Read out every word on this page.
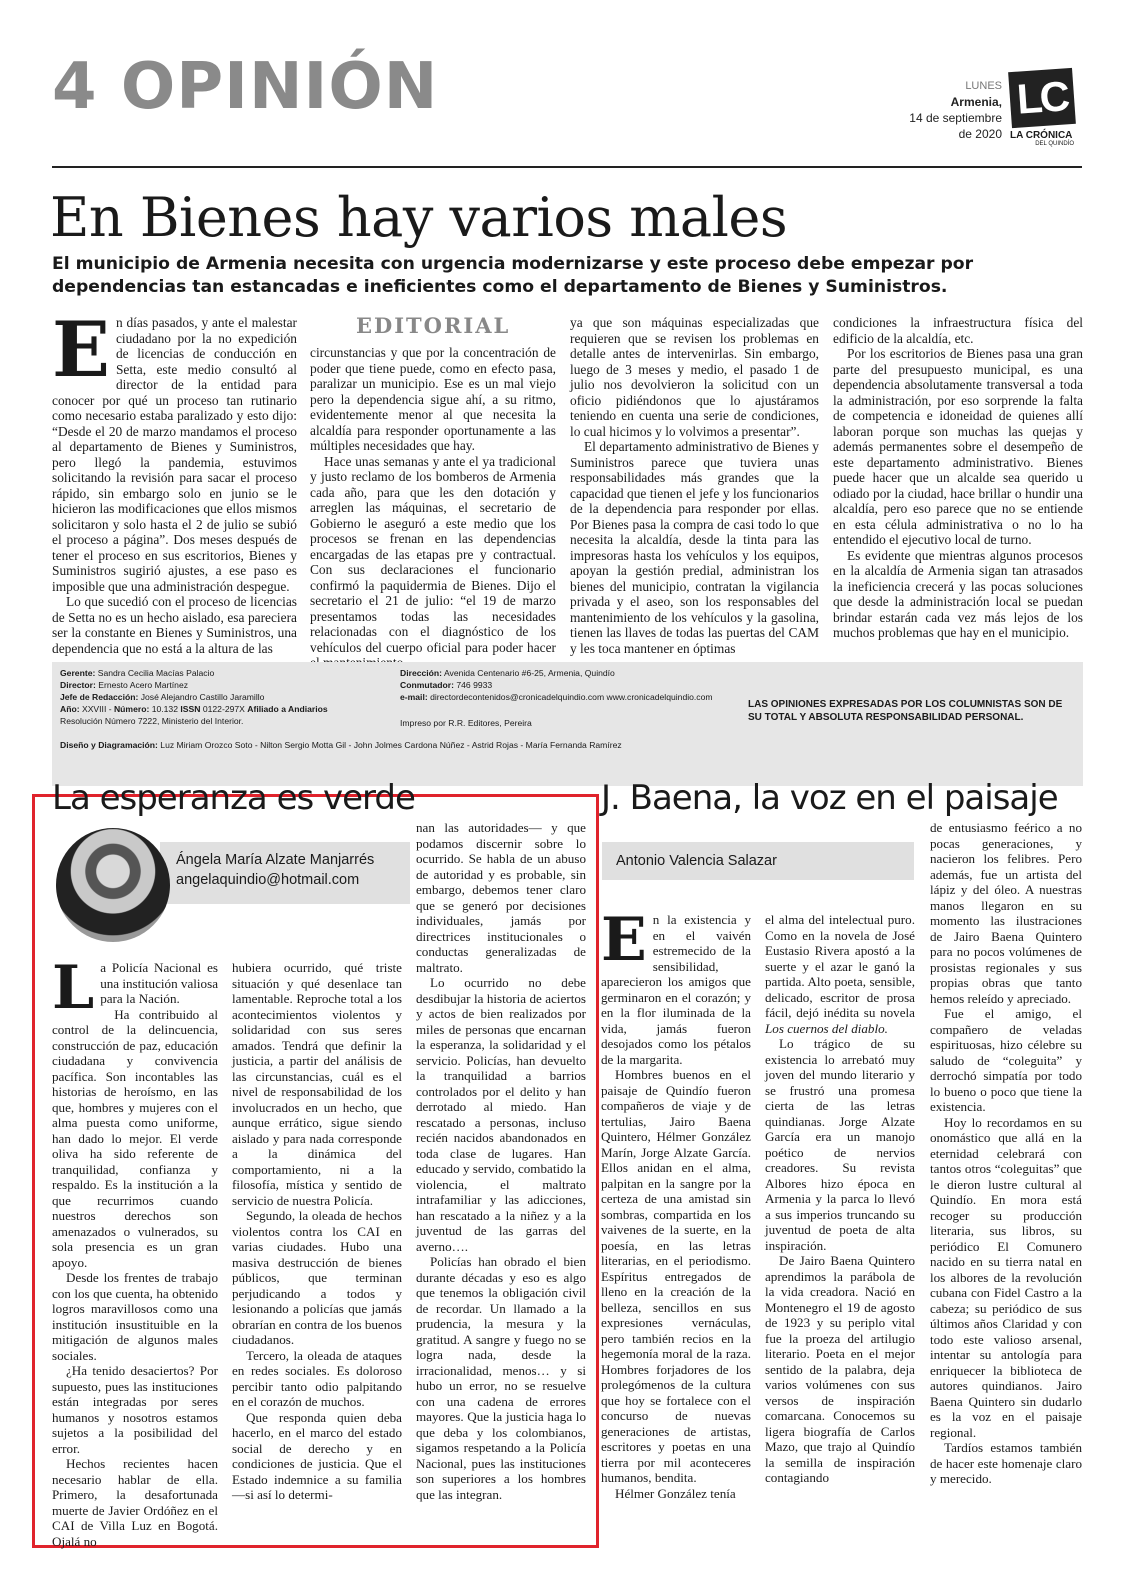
4 OPINIÓN	LUNES
Armenia,
14 de septiembre
de 2020
LC
LA CRÓNICA
DEL QUINDÍO
En Bienes hay varios males

El municipio de Armenia necesita con urgencia modernizarse y este proceso debe empezar por dependencias tan estancadas e ineficientes como el departamento de Bienes y Suministros.

EDITORIAL
E n días pasados, y ante el malestar ciudadano por la no expedición de licencias de conducción en Setta, este medio consultó al director de la entidad para conocer por qué un proceso tan rutinario como necesario estaba paralizado y esto dijo: “Desde el 20 de marzo mandamos el proceso al departamento de Bienes y Suministros, pero llegó la pandemia, estuvimos solicitando la revisión para sacar el proceso rápido, sin embargo solo en junio se le hicieron las modificaciones que ellos mismos solicitaron y solo hasta el 2 de julio se subió el proceso a página”. Dos meses después de tener el proceso en sus escritorios, Bienes y Suministros sugirió ajustes, a ese paso es imposible que una administración despegue.

Lo que sucedió con el proceso de licencias de Setta no es un hecho aislado, esa pareciera ser la constante en Bienes y Suministros, una dependencia que no está a la altura de las

circunstancias y que por la concentración de poder que tiene puede, como en efecto pasa, paralizar un municipio. Ese es un mal viejo pero la dependencia sigue ahí, a su ritmo, evidentemente menor al que necesita la alcaldía para responder oportunamente a las múltiples necesidades que hay.

Hace unas semanas y ante el ya tradicional y justo reclamo de los bomberos de Armenia cada año, para que les den dotación y arreglen las máquinas, el secretario de Gobierno le aseguró a este medio que los procesos se frenan en las dependencias encargadas de las etapas pre y contractual. Con sus declaraciones el funcionario confirmó la paquidermia de Bienes. Dijo el secretario el 21 de julio: “el 19 de marzo presentamos todas las necesidades relacionadas con el diagnóstico de los vehículos del cuerpo oficial para poder hacer

ya que son máquinas especializadas que requieren que se revisen los problemas en detalle antes de intervenirlas. Sin embargo, luego de 3 meses y medio, el pasado 1 de julio nos devolvieron la solicitud con un oficio pidiéndonos que lo ajustáramos teniendo en cuenta una serie de condiciones, lo cual hicimos y lo volvimos a presentar”.

El departamento administrativo de Bienes y Suministros parece que tuviera unas responsabilidades más grandes que la capacidad que tienen el jefe y los funcionarios de la dependencia para responder por ellas. Por Bienes pasa la compra de casi todo lo que necesita la alcaldía, desde la tinta para las impresoras hasta los vehículos y los equipos, apoyan la gestión predial, administran los bienes del municipio, contratan la vigilancia privada y el aseo, son los responsables del mantenimiento de los vehículos y la gasolina, tienen las llaves de todas las puertas del CAM y les toca mantener en óptimas

condiciones la infraestructura física del edificio de la alcaldía, etc.

Por los escritorios de Bienes pasa una gran parte del presupuesto municipal, es una dependencia absolutamente transversal a toda la administración, por eso sorprende la falta de competencia e idoneidad de quienes allí laboran porque son muchas las quejas y además permanentes sobre el desempeño de este departamento administrativo. Bienes puede hacer que un alcalde sea querido u odiado por la ciudad, hace brillar o hundir una alcaldía, pero eso parece que no se entiende en esta célula administrativa o no lo ha entendido el ejecutivo local de turno.

Es evidente que mientras algunos procesos en la alcaldía de Armenia sigan tan atrasados la ineficiencia crecerá y las pocas soluciones que desde la administración local se puedan brindar estarán cada vez más lejos de los muchos problemas que hay en el municipio.

Gerente: Sandra Cecilia Macías Palacio
Director: Ernesto Acero Martínez
Jefe de Redacción: José Alejandro Castillo Jaramillo
Año: XXVIII - Número: 10.132 ISSN 0122-297X Afiliado a Andiarios
Resolución Número 7222, Ministerio del Interior.
Diseño y Diagramación: Luz Miriam Orozco Soto - Nilton Sergio Motta Gil - John Jolmes Cardona Núñez - Astrid Rojas - María Fernanda Ramírez
Dirección: Avenida Centenario #6-25, Armenia, Quindío
Conmutador: 746 9933
e-mail: directordecontenidos@cronicadelquindio.com www.cronicadelquindio.com
Impreso por R.R. Editores, Pereira
LAS OPINIONES EXPRESADAS POR LOS COLUMNISTAS SON DE SU TOTAL Y ABSOLUTA RESPONSABILIDAD PERSONAL.
La esperanza es verde
Ángela María Alzate Manjarrés
angelaquindio@hotmail.com
L a Policía Nacional es una institución valiosa para la Nación.

Ha contribuido al control de la delincuencia, construcción de paz, educación ciudadana y convivencia pacífica. Son incontables las historias de heroísmo, en las que, hombres y mujeres con el alma puesta como uniforme, han dado lo mejor. El verde oliva ha sido referente de tranquilidad, confianza y respaldo. Es la institución a la que recurrimos cuando nuestros derechos son amenazados o vulnerados, su sola presencia es un gran apoyo.

Desde los frentes de trabajo con los que cuenta, ha obtenido logros maravillosos como una institución insustituible en la mitigación de algunos males sociales.

¿Ha tenido desaciertos? Por supuesto, pues las instituciones están integradas por seres humanos y nosotros estamos sujetos a la posibilidad del error.

Hechos recientes hacen necesario hablar de ella. Primero, la desafortunada muerte de Javier Ordóñez en el CAI de Villa Luz en Bogotá. Ojalá no

hubiera ocurrido, qué triste situación y qué desenlace tan lamentable. Reproche total a los acontecimientos violentos y solidaridad con sus seres amados. Tendrá que definir la justicia, a partir del análisis de las circunstancias, cuál es el nivel de responsabilidad de los involucrados en un hecho, que aunque errático, sigue siendo aislado y para nada corresponde a la dinámica del comportamiento, ni a la filosofía, mística y sentido de servicio de nuestra Policía.

Segundo, la oleada de hechos violentos contra los CAI en varias ciudades. Hubo una masiva destrucción de bienes públicos, que terminan perjudicando a todos y lesionando a policías que jamás obrarían en contra de los buenos ciudadanos.

Tercero, la oleada de ataques en redes sociales. Es doloroso percibir tanto odio palpitando en el corazón de muchos.

Que responda quien deba hacerlo, en el marco del estado social de derecho y en condiciones de justicia. Que el Estado indemnice a su familia —si así lo determi-

nan las autoridades— y que podamos discernir sobre lo ocurrido. Se habla de un abuso de autoridad y es probable, sin embargo, debemos tener claro que se generó por decisiones individuales, jamás por directrices institucionales o conductas generalizadas de maltrato.

Lo ocurrido no debe desdibujar la historia de aciertos y actos de bien realizados por miles de personas que encarnan la esperanza, la solidaridad y el servicio. Policías, han devuelto la tranquilidad a barrios controlados por el delito y han derrotado al miedo. Han rescatado a personas, incluso recién nacidos abandonados en toda clase de lugares. Han educado y servido, combatido la violencia, el maltrato intrafamiliar y las adicciones, han rescatado a la niñez y a la juventud de las garras del averno….

Policías han obrado el bien durante décadas y eso es algo que tenemos la obligación civil de recordar. Un llamado a la prudencia, la mesura y la gratitud. A sangre y fuego no se logra nada, desde la irracionalidad, menos… y si hubo un error, no se resuelve con una cadena de errores mayores. Que la justicia haga lo que deba y los colombianos, sigamos respetando a la Policía Nacional, pues las instituciones son superiores a los hombres que las integran.

J. Baena, la voz en el paisaje
Antonio Valencia Salazar
E n la existencia y en el vaivén estremecido de la sensibilidad, aparecieron los amigos que germinaron en el corazón; y en la flor iluminada de la vida, jamás fueron desojados como los pétalos de la margarita.

Hombres buenos en el paisaje de Quindío fueron compañeros de viaje y de tertulias, Jairo Baena Quintero, Hélmer González Marín, Jorge Alzate García. Ellos anidan en el alma, palpitan en la sangre por la certeza de una amistad sin sombras, compartida en los vaivenes de la suerte, en la poesía, en las letras literarias, en el periodismo. Espíritus entregados de lleno en la creación de la belleza, sencillos en sus expresiones vernáculas, pero también recios en la hegemonía moral de la raza. Hombres forjadores de los prolegómenos de la cultura que hoy se fortalece con el concurso de nuevas generaciones de artistas, escritores y poetas en una tierra por mil aconteceres humanos, bendita.

Hélmer González tenía

el alma del intelectual puro. Como en la novela de José Eustasio Rivera apostó a la suerte y el azar le ganó la partida. Alto poeta, sensible, delicado, escritor de prosa fácil, dejó inédita su novela Los cuernos del diablo.

Lo trágico de su existencia lo arrebató muy joven del mundo literario y se frustró una promesa cierta de las letras quindianas. Jorge Alzate García era un manojo poético de nervios creadores. Su revista Albores hizo época en Armenia y la parca lo llevó a sus imperios truncando su juventud de poeta de alta inspiración.

De Jairo Baena Quintero aprendimos la parábola de la vida creadora. Nació en Montenegro el 19 de agosto de 1923 y su periplo vital fue la proeza del artilugio literario. Poeta en el mejor sentido de la palabra, deja varios volúmenes con sus versos de inspiración comarcana. Conocemos su ligera biografía de Carlos Mazo, que trajo al Quindío la semilla de inspiración contagiando

de entusiasmo feérico a no pocas generaciones, y nacieron los felibres. Pero además, fue un artista del lápiz y del óleo. A nuestras manos llegaron en su momento las ilustraciones de Jairo Baena Quintero para no pocos volúmenes de prosistas regionales y sus propias obras que tanto hemos releído y apreciado.

Fue el amigo, el compañero de veladas espirituosas, hizo célebre su saludo de “coleguita” y derrochó simpatía por todo lo bueno o poco que tiene la existencia.

Hoy lo recordamos en su onomástico que allá en la eternidad celebrará con tantos otros “coleguitas” que le dieron lustre cultural al Quindío. En mora está recoger su producción literaria, sus libros, su periódico El Comunero nacido en su tierra natal en los albores de la revolución cubana con Fidel Castro a la cabeza; su periódico de sus últimos años Claridad y con todo este valioso arsenal, intentar su antología para enriquecer la biblioteca de autores quindianos. Jairo Baena Quintero sin dudarlo es la voz en el paisaje regional.

Tardíos estamos también de hacer este homenaje claro y merecido.
